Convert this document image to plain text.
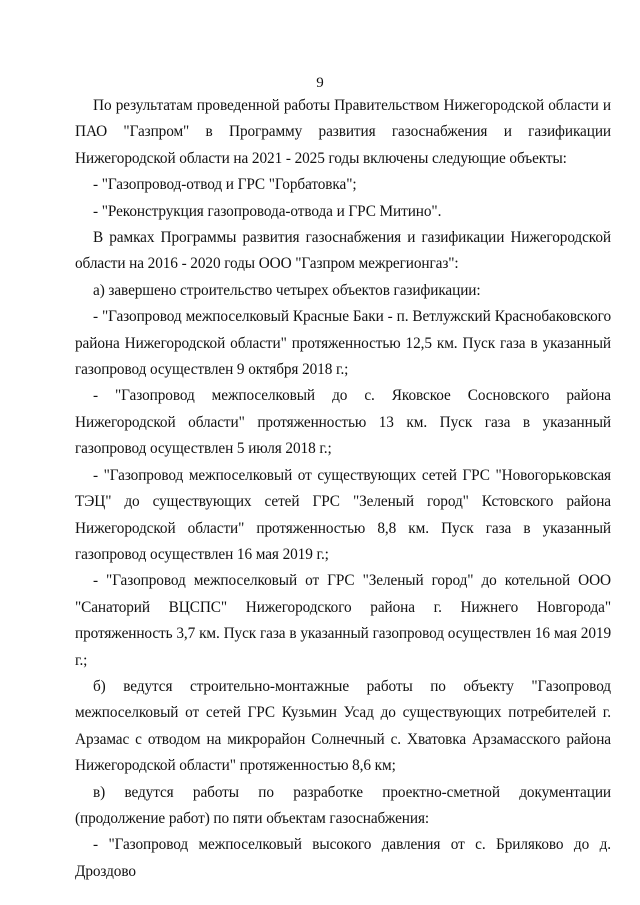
9

По результатам проведенной работы Правительством Нижегородской области и ПАО "Газпром" в Программу развития газоснабжения и газификации Нижегородской области на 2021 - 2025 годы включены следующие объекты:

- "Газопровод-отвод и ГРС "Горбатовка";

- "Реконструкция газопровода-отвода и ГРС Митино".

В рамках Программы развития газоснабжения и газификации Нижегородской области на 2016 - 2020 годы ООО "Газпром межрегионгаз":

а) завершено строительство четырех объектов газификации:

- "Газопровод межпоселковый Красные Баки - п. Ветлужский Краснобаковского района Нижегородской области" протяженностью 12,5 км. Пуск газа в указанный газопровод осуществлен 9 октября 2018 г.;

- "Газопровод межпоселковый до с. Яковское Сосновского района Нижегородской области" протяженностью 13 км. Пуск газа в указанный газопровод осуществлен 5 июля 2018 г.;

- "Газопровод межпоселковый от существующих сетей ГРС "Новогорьковская ТЭЦ" до существующих сетей ГРС "Зеленый город" Кстовского района Нижегородской области" протяженностью 8,8 км. Пуск газа в указанный газопровод осуществлен 16 мая 2019 г.;

- "Газопровод межпоселковый от ГРС "Зеленый город" до котельной ООО "Санаторий ВЦСПС" Нижегородского района г. Нижнего Новгорода" протяженность 3,7 км. Пуск газа в указанный газопровод осуществлен 16 мая 2019 г.;

б) ведутся строительно-монтажные работы по объекту "Газопровод межпоселковый от сетей ГРС Кузьмин Усад до существующих потребителей г. Арзамас с отводом на микрорайон Солнечный с. Хватовка Арзамасского района Нижегородской области" протяженностью 8,6 км;

в) ведутся работы по разработке проектно-сметной документации (продолжение работ) по пяти объектам газоснабжения:

- "Газопровод межпоселковый высокого давления от с. Бриляково до д. Дроздово
